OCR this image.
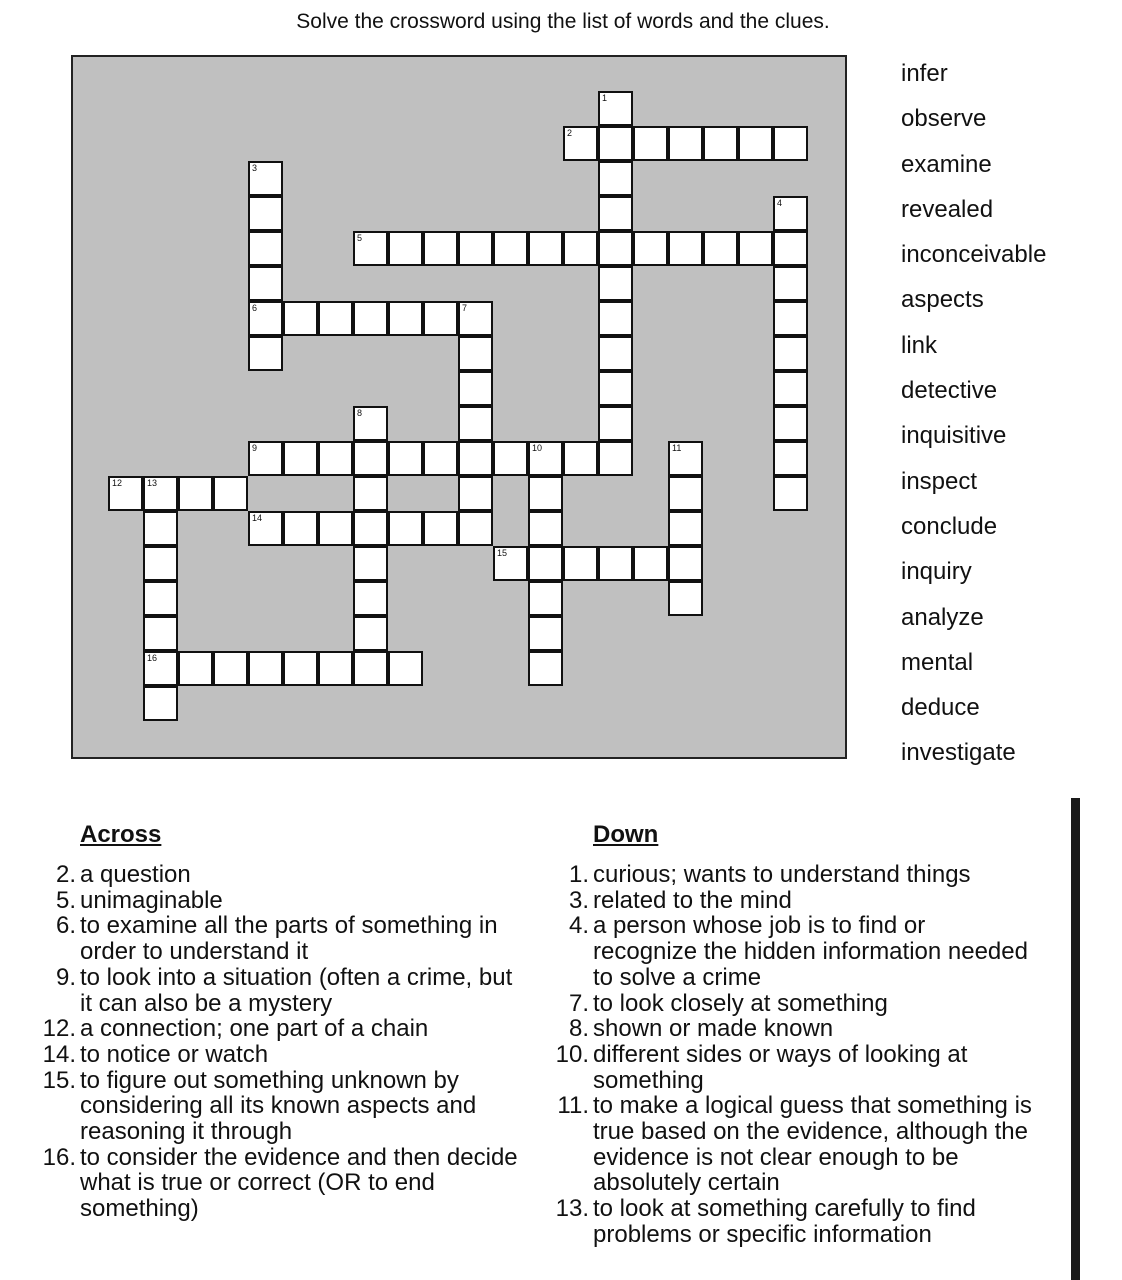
Solve the crossword using the list of words and the clues.
1
2
3
6
4
5
7
8
9	10	11
12	13
16
14
15
infer
observe
examine
revealed
inconceivable
aspects
link
detective
inquisitive
inspect
conclude
inquiry
analyze
mental
deduce
investigate
Across
2. a question
5. unimaginable
6. to examine all the parts of something in order to understand it
9. to look into a situation (often a crime, but it can also be a mystery
12. a connection; one part of a chain
14. to notice or watch
15. to figure out something unknown by considering all its known aspects and reasoning it through
16. to consider the evidence and then decide what is true or correct (OR to end something)
Down
1. curious; wants to understand things
3. related to the mind
4. a person whose job is to find or recognize the hidden information needed to solve a crime
7. to look closely at something
8. shown or made known
10. different sides or ways of looking at something
11. to make a logical guess that something is true based on the evidence, although the evidence is not clear enough to be absolutely certain
13. to look at something carefully to find problems or specific information
